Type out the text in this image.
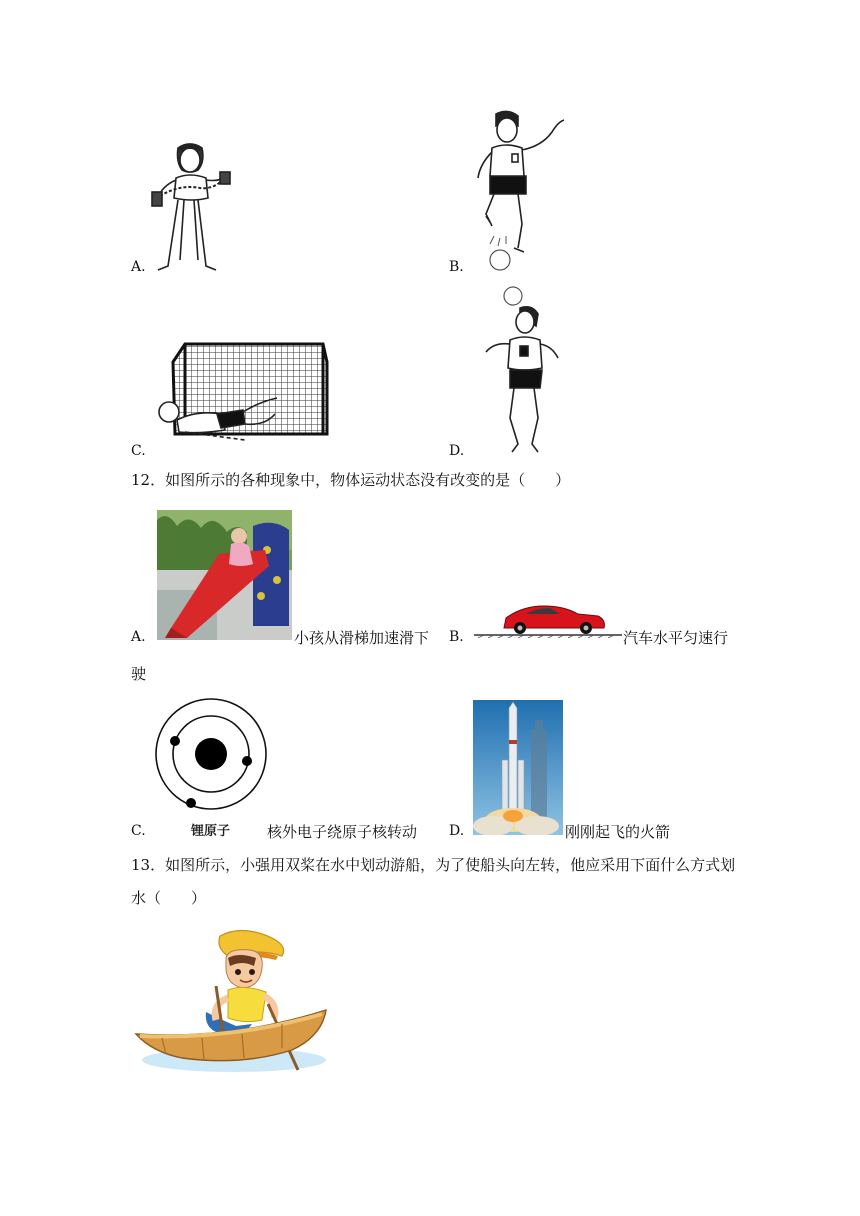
A.	B.
C.	D.
12．如图所示的各种现象中，物体运动状态没有改变的是（　　）
A.	小孩从滑梯加速滑下 B.	汽车水平匀速行
驶
C.	锂原子 核外电子绕原子核转动 D.	刚刚起飞的火箭
13．如图所示，小强用双桨在水中划动游船，为了使船头向左转，他应采用下面什么方式划
水（　　）
